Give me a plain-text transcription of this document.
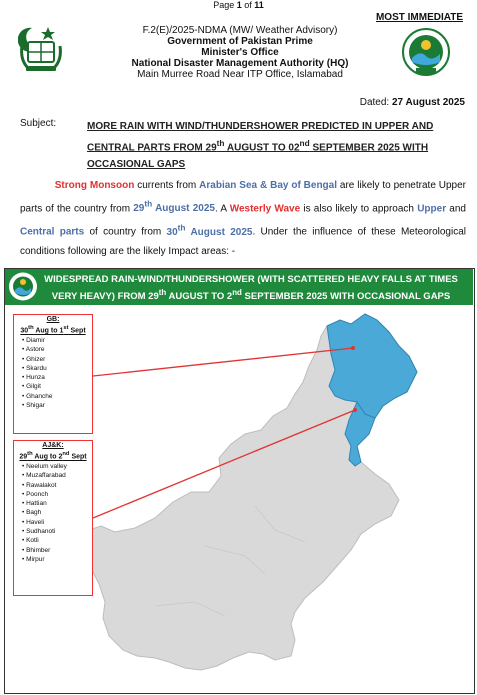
Page 1 of 11
MOST IMMEDIATE
F.2(E)/2025-NDMA (MW/ Weather Advisory)
Government of Pakistan Prime
Minister's Office
National Disaster Management Authority (HQ)
Main Murree Road Near ITP Office, Islamabad
Dated: 27 August 2025
Subject:	MORE RAIN WITH WIND/THUNDERSHOWER PREDICTED IN UPPER AND CENTRAL PARTS FROM 29th AUGUST TO 02nd SEPTEMBER 2025 WITH OCCASIONAL GAPS
Strong Monsoon currents from Arabian Sea & Bay of Bengal are likely to penetrate Upper parts of the country from 29th August 2025. A Westerly Wave is also likely to approach Upper and Central parts of country from 30th August 2025. Under the influence of these Meteorological conditions following are the likely Impact areas: -
WIDESPREAD RAIN-WIND/THUNDERSHOWER (WITH SCATTERED HEAVY FALLS AT TIMES VERY HEAVY) FROM 29th AUGUST TO 2nd SEPTEMBER 2025 WITH OCCASIONAL GAPS
GB:
30th Aug to 1st Sept
• Diamir
• Astore
• Ghizer
• Skardu
• Hunza
• Gilgit
• Ghanche
• Shigar
AJ&K:
29th Aug to 2nd Sept
• Neelum valley
• Muzaffarabad
• Rawalakot
• Poonch
• Hattian
• Bagh
• Haveli
• Sudhanoti
• Kotli
• Bhimber
• Mirpur
